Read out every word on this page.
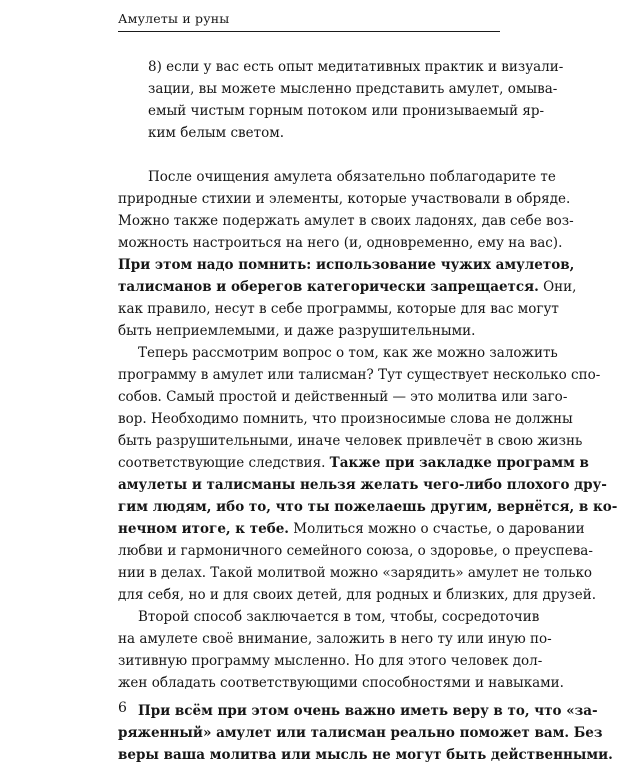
Амулеты и руны
8) если у вас есть опыт медитативных практик и визуали-
зации, вы можете мысленно представить амулет, омыва-
емый чистым горным потоком или пронизываемый яр-
ким белым светом.
После очищения амулета обязательно поблагодарите те
природные стихии и элементы, которые участвовали в обряде.
Можно также подержать амулет в своих ладонях, дав себе воз-
можность настроиться на него (и, одновременно, ему на вас).
При этом надо помнить: использование чужих амулетов,
талисманов и оберегов категорически запрещается. Они,
как правило, несут в себе программы, которые для вас могут
быть неприемлемыми, и даже разрушительными.
Теперь рассмотрим вопрос о том, как же можно заложить
программу в амулет или талисман? Тут существует несколько спо-
собов. Самый простой и действенный — это молитва или заго-
вор. Необходимо помнить, что произносимые слова не должны
быть разрушительными, иначе человек привлечёт в свою жизнь
соответствующие следствия. Также при закладке программ в
амулеты и талисманы нельзя желать чего-либо плохого дру-
гим людям, ибо то, что ты пожелаешь другим, вернётся, в ко-
нечном итоге, к тебе. Молиться можно о счастье, о даровании
любви и гармоничного семейного союза, о здоровье, о преуспева-
нии в делах. Такой молитвой можно «зарядить» амулет не только
для себя, но и для своих детей, для родных и близких, для друзей.
Второй способ заключается в том, чтобы, сосредоточив
на амулете своё внимание, заложить в него ту или иную по-
зитивную программу мысленно. Но для этого человек дол-
жен обладать соответствующими способностями и навыками.
При всём при этом очень важно иметь веру в то, что «за-
ряженный» амулет или талисман реально поможет вам. Без
веры ваша молитва или мысль не могут быть действенными.
6
